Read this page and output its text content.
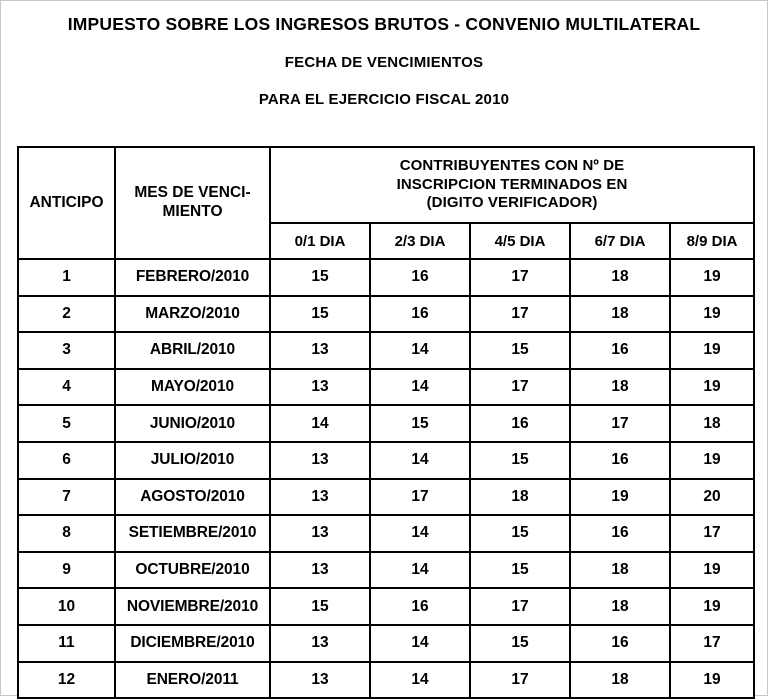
IMPUESTO SOBRE LOS INGRESOS BRUTOS - CONVENIO MULTILATERAL
FECHA DE VENCIMIENTOS
PARA EL EJERCICIO FISCAL 2010
ANTICIPO	MES DE VENCI-
MIENTO	CONTRIBUYENTES CON Nº DE
INSCRIPCION TERMINADOS EN
(DIGITO VERIFICADOR)				
		0/1 DIA	2/3 DIA	4/5 DIA	6/7 DIA	8/9 DIA
1	FEBRERO/2010	15	16	17	18	19
2	MARZO/2010	15	16	17	18	19
3	ABRIL/2010	13	14	15	16	19
4	MAYO/2010	13	14	17	18	19
5	JUNIO/2010	14	15	16	17	18
6	JULIO/2010	13	14	15	16	19
7	AGOSTO/2010	13	17	18	19	20
8	SETIEMBRE/2010	13	14	15	16	17
9	OCTUBRE/2010	13	14	15	18	19
10	NOVIEMBRE/2010	15	16	17	18	19
11	DICIEMBRE/2010	13	14	15	16	17
12	ENERO/2011	13	14	17	18	19
